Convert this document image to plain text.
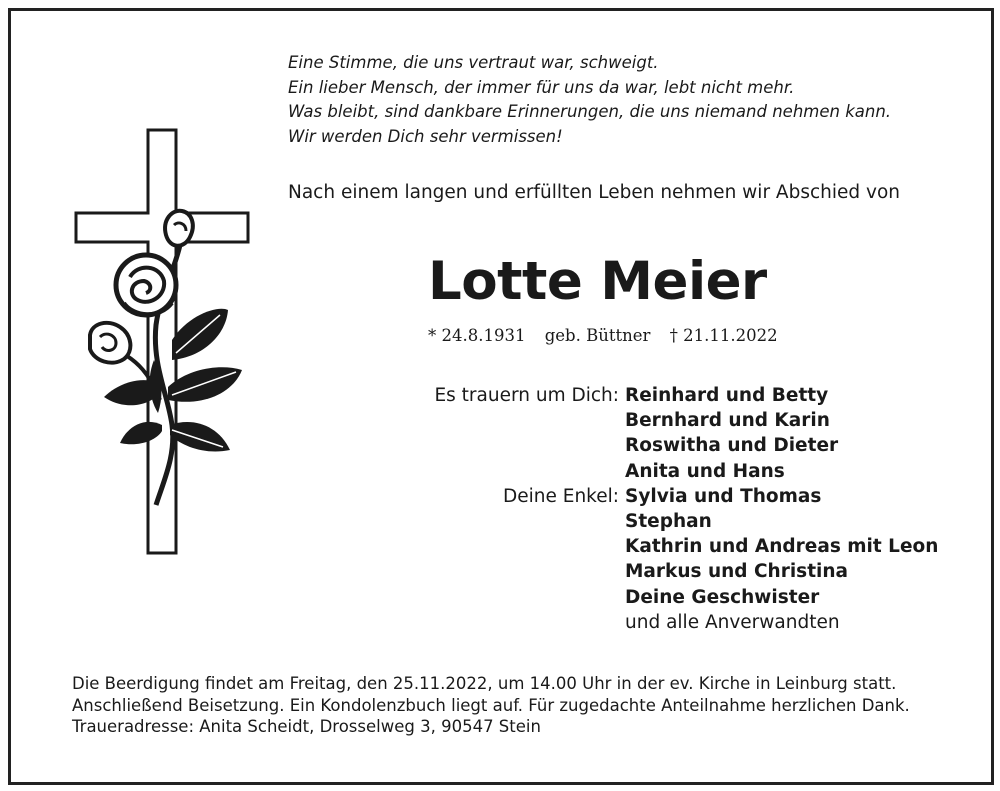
Eine Stimme, die uns vertraut war, schweigt.
Ein lieber Mensch, der immer für uns da war, lebt nicht mehr.
Was bleibt, sind dankbare Erinnerungen, die uns niemand nehmen kann.
Wir werden Dich sehr vermissen!
Nach einem langen und erfüllten Leben nehmen wir Abschied von
Lotte Meier
* 24.8.1931 geb. Büttner † 21.11.2022
Es trauern um Dich: Reinhard und Betty
Bernhard und Karin
Roswitha und Dieter
Anita und Hans
Deine Enkel: Sylvia und Thomas
Stephan
Kathrin und Andreas mit Leon
Markus und Christina
Deine Geschwister
und alle Anverwandten
Die Beerdigung findet am Freitag, den 25.11.2022, um 14.00 Uhr in der ev. Kirche in Leinburg statt.
Anschließend Beisetzung. Ein Kondolenzbuch liegt auf. Für zugedachte Anteilnahme herzlichen Dank.
Traueradresse: Anita Scheidt, Drosselweg 3, 90547 Stein
